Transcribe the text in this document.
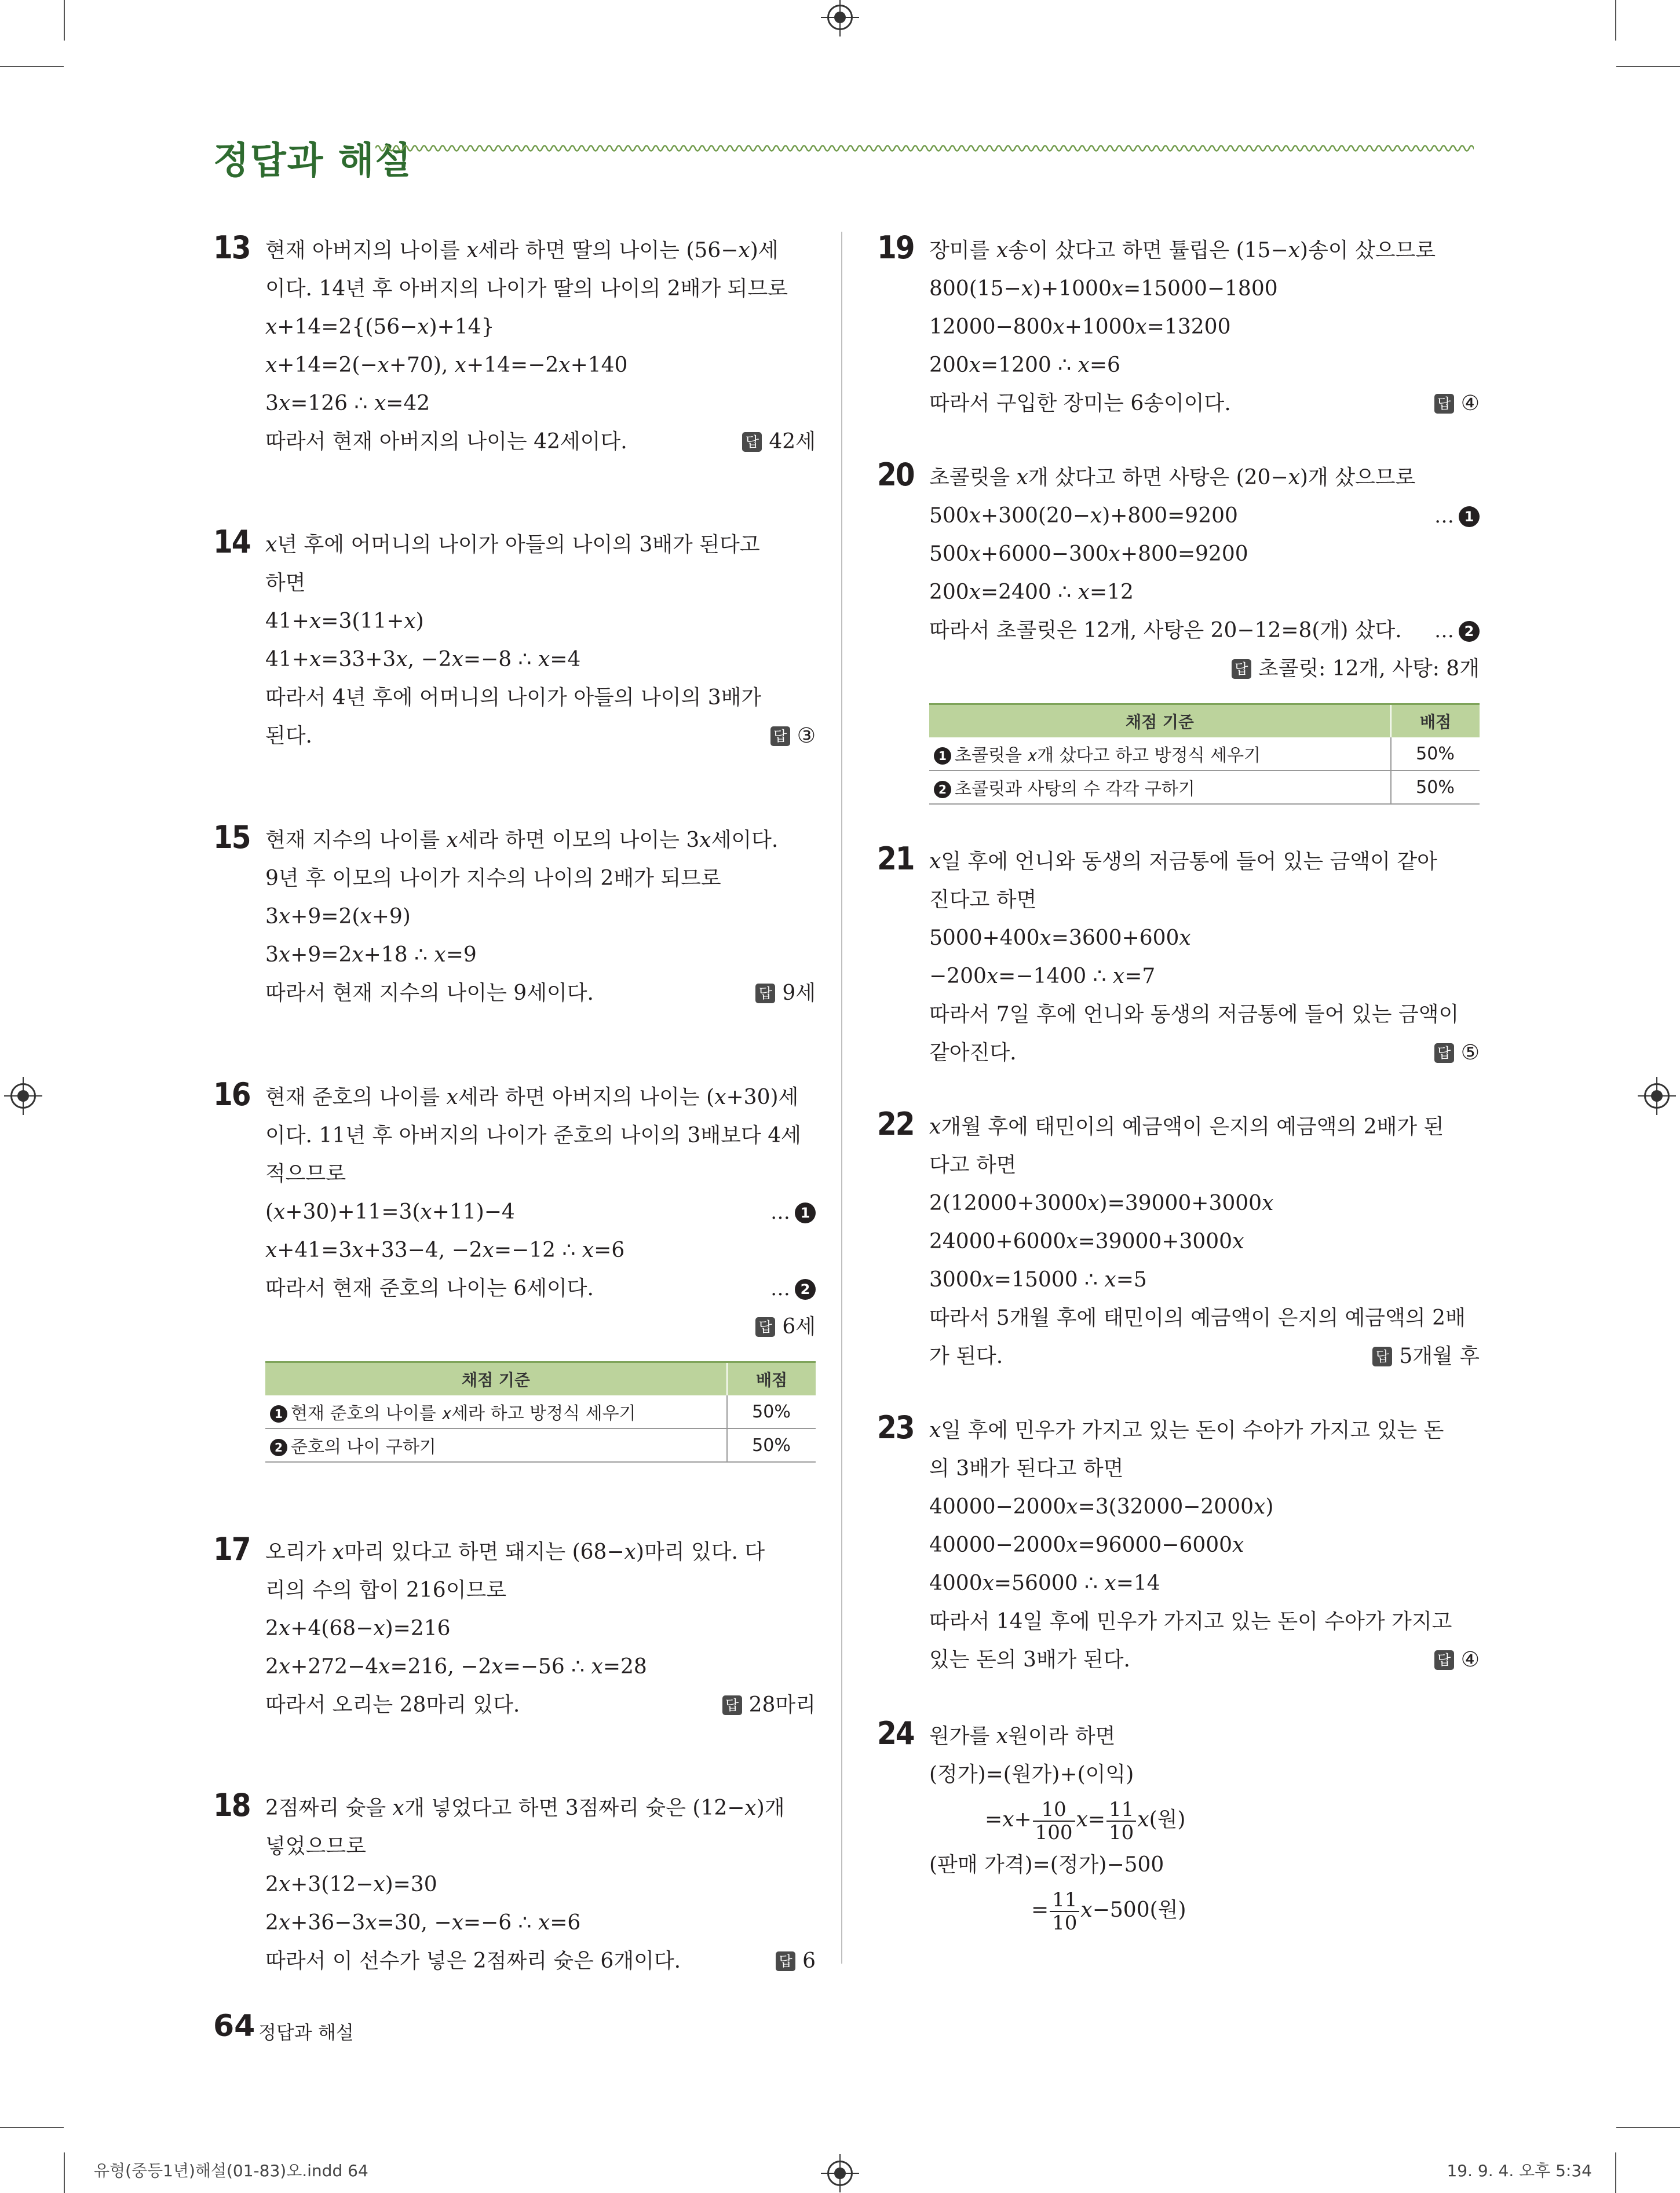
정답과 해설
13 현재 아버지의 나이를 𝑥세라 하면 딸의 나이는 (56−𝑥)세
이다. 14년 후 아버지의 나이가 딸의 나이의 2배가 되므로
𝑥+14=2{(56−𝑥)+14}
𝑥+14=2(−𝑥+70), 𝑥+14=−2𝑥+140
3𝑥=126 ∴ 𝑥=42
따라서 현재 아버지의 나이는 42세이다.	답 42세
14 𝑥년 후에 어머니의 나이가 아들의 나이의 3배가 된다고
하면
41+𝑥=3(11+𝑥)
41+𝑥=33+3𝑥, −2𝑥=−8 ∴ 𝑥=4
따라서 4년 후에 어머니의 나이가 아들의 나이의 3배가
된다.	답 ③
15 현재 지수의 나이를 𝑥세라 하면 이모의 나이는 3𝑥세이다.
9년 후 이모의 나이가 지수의 나이의 2배가 되므로
3𝑥+9=2(𝑥+9)
3𝑥+9=2𝑥+18 ∴ 𝑥=9
따라서 현재 지수의 나이는 9세이다.	답 9세
16 현재 준호의 나이를 𝑥세라 하면 아버지의 나이는 (𝑥+30)세
이다. 11년 후 아버지의 나이가 준호의 나이의 3배보다 4세
적으므로
(𝑥+30)+11=3(𝑥+11)−4	… 1
𝑥+41=3𝑥+33−4, −2𝑥=−12 ∴ 𝑥=6
따라서 현재 준호의 나이는 6세이다.	… 2
답 6세
채점 기준	배점
1 현재 준호의 나이를 𝑥세라 하고 방정식 세우기	50%
2 준호의 나이 구하기	50%
17 오리가 𝑥마리 있다고 하면 돼지는 (68−𝑥)마리 있다. 다
리의 수의 합이 216이므로
2𝑥+4(68−𝑥)=216
2𝑥+272−4𝑥=216, −2𝑥=−56 ∴ 𝑥=28
따라서 오리는 28마리 있다.	답 28마리
18 2점짜리 슛을 𝑥개 넣었다고 하면 3점짜리 슛은 (12−𝑥)개
넣었으므로
2𝑥+3(12−𝑥)=30
2𝑥+36−3𝑥=30, −𝑥=−6 ∴ 𝑥=6
따라서 이 선수가 넣은 2점짜리 슛은 6개이다.	답 6
19 장미를 𝑥송이 샀다고 하면 튤립은 (15−𝑥)송이 샀으므로
800(15−𝑥)+1000𝑥=15000−1800
12000−800𝑥+1000𝑥=13200
200𝑥=1200 ∴ 𝑥=6
따라서 구입한 장미는 6송이이다.	답 ④
20 초콜릿을 𝑥개 샀다고 하면 사탕은 (20−𝑥)개 샀으므로
500𝑥+300(20−𝑥)+800=9200	… 1
500𝑥+6000−300𝑥+800=9200
200𝑥=2400 ∴ 𝑥=12
따라서 초콜릿은 12개, 사탕은 20−12=8(개) 샀다. … 2
답 초콜릿: 12개, 사탕: 8개
채점 기준	배점
1 초콜릿을 𝑥개 샀다고 하고 방정식 세우기	50%
2 초콜릿과 사탕의 수 각각 구하기	50%
21 𝑥일 후에 언니와 동생의 저금통에 들어 있는 금액이 같아
진다고 하면
5000+400𝑥=3600+600𝑥
−200𝑥=−1400 ∴ 𝑥=7
따라서 7일 후에 언니와 동생의 저금통에 들어 있는 금액이
같아진다.	답 ⑤
22 𝑥개월 후에 태민이의 예금액이 은지의 예금액의 2배가 된
다고 하면
2(12000+3000𝑥)=39000+3000𝑥
24000+6000𝑥=39000+3000𝑥
3000𝑥=15000 ∴ 𝑥=5
따라서 5개월 후에 태민이의 예금액이 은지의 예금액의 2배
가 된다.	답 5개월 후
23 𝑥일 후에 민우가 가지고 있는 돈이 수아가 가지고 있는 돈
의 3배가 된다고 하면
40000−2000𝑥=3(32000−2000𝑥)
40000−2000𝑥=96000−6000𝑥
4000𝑥=56000 ∴ 𝑥=14
따라서 14일 후에 민우가 가지고 있는 돈이 수아가 가지고
있는 돈의 3배가 된다.	답 ④
24 원가를 𝑥원이라 하면
(정가)=(원가)+(이익)
=𝑥+ $\frac{10}{100}$ 𝑥= $\frac{11}{10}$ 𝑥(원)
(판매 가격)=(정가)−500
= $\frac{11}{10}$ 𝑥−500(원)
64 정답과 해설
유형(중등1년)해설(01-83)오.indd 64	19. 9. 4. 오후 5:34
